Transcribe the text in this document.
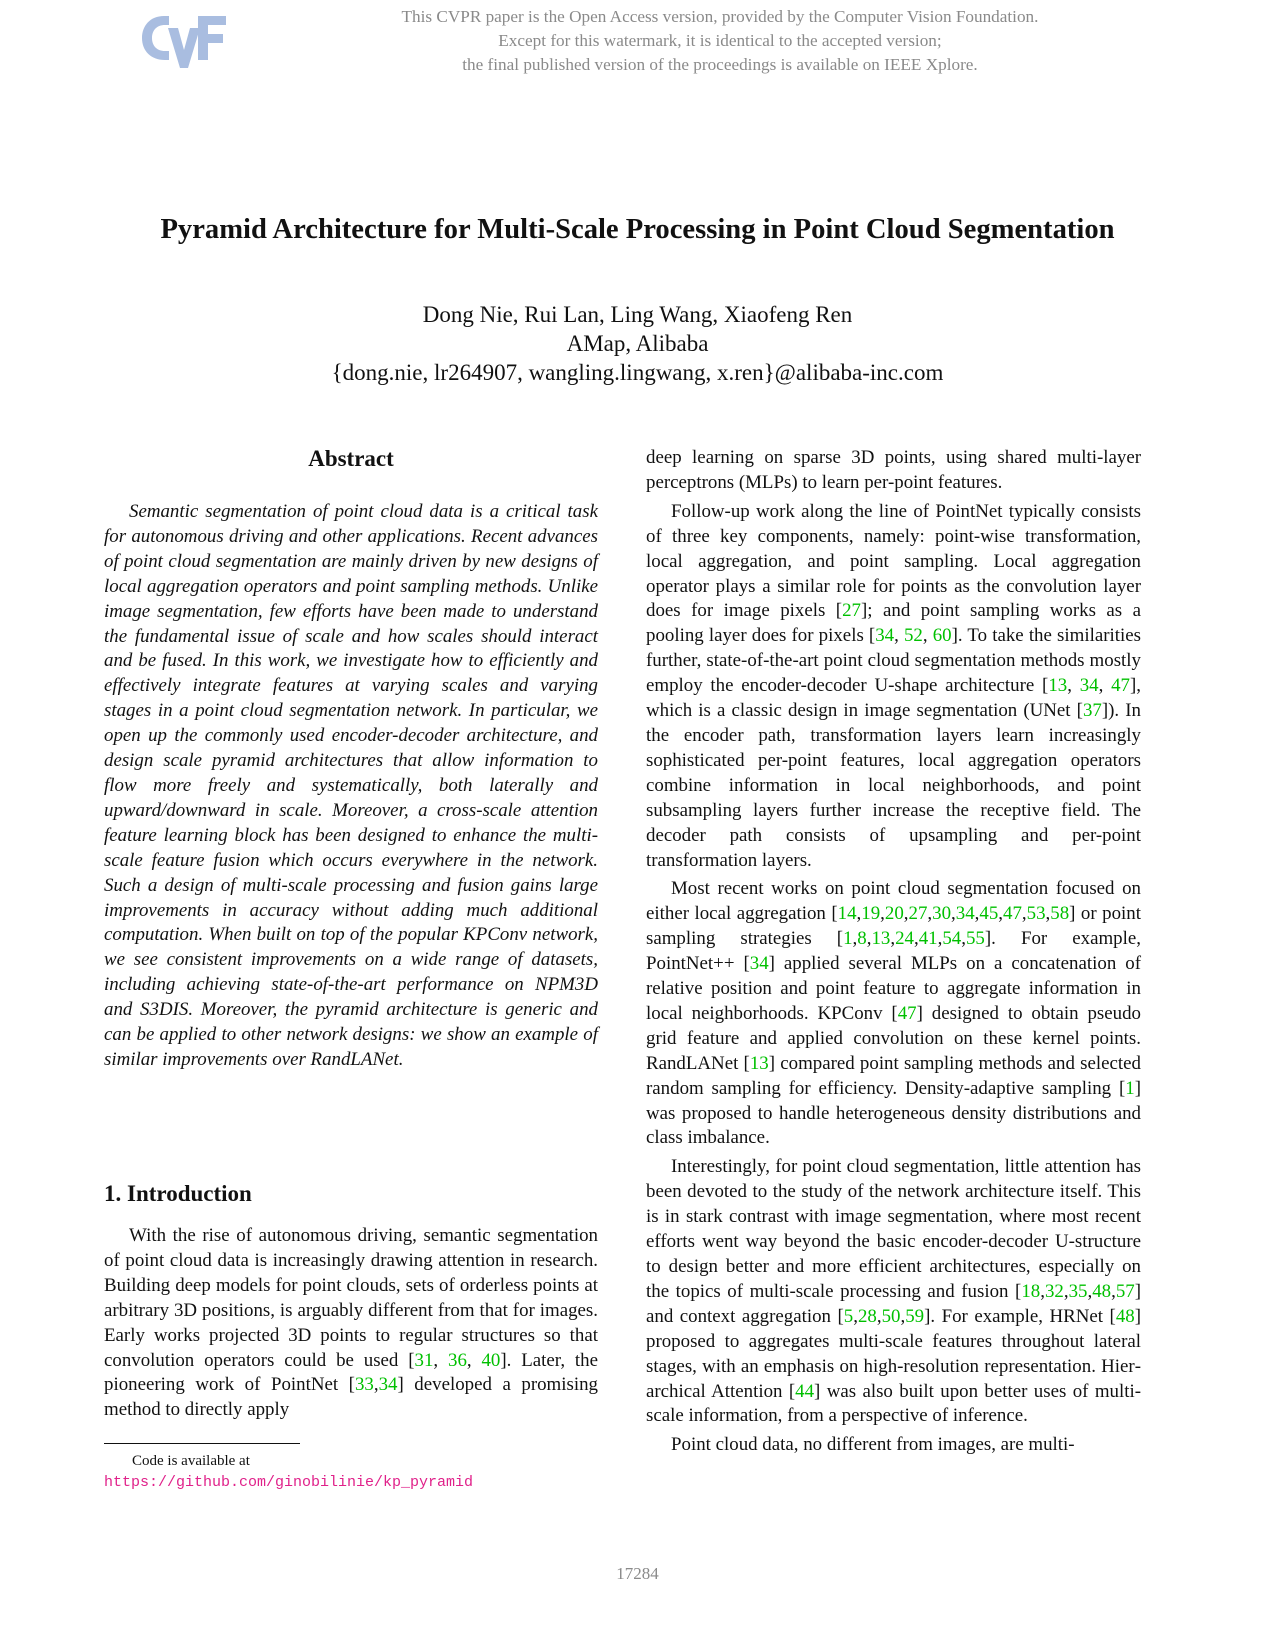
This CVPR paper is the Open Access version, provided by the Computer Vision Foundation.
Except for this watermark, it is identical to the accepted version;
the final published version of the proceedings is available on IEEE Xplore.
Pyramid Architecture for Multi-Scale Processing in Point Cloud Segmentation
Dong Nie, Rui Lan, Ling Wang, Xiaofeng Ren
AMap, Alibaba
{dong.nie, lr264907, wangling.lingwang, x.ren}@alibaba-inc.com
Abstract

Semantic segmentation of point cloud data is a critical task for autonomous driving and other applications. Recent advances of point cloud segmentation are mainly driven by new designs of local aggregation operators and point sampling methods. Unlike image segmentation, few efforts have been made to understand the fundamental issue of scale and how scales should interact and be fused. In this work, we investigate how to efficiently and effectively integrate features at varying scales and varying stages in a point cloud segmentation network. In particular, we open up the commonly used encoder-decoder architecture, and design scale pyramid architectures that allow information to flow more freely and systematically, both laterally and upward/downward in scale. Moreover, a cross-scale attention feature learning block has been designed to enhance the multi-scale feature fusion which occurs everywhere in the network. Such a design of multi-scale processing and fusion gains large improvements in accuracy without adding much additional computation. When built on top of the popular KPConv network, we see consistent improvements on a wide range of datasets, including achieving state-of-the-art performance on NPM3D and S3DIS. Moreover, the pyramid architecture is generic and can be applied to other network designs: we show an example of similar improvements over RandLANet.

1. Introduction

With the rise of autonomous driving, semantic segmentation of point cloud data is increasingly drawing attention in research. Building deep models for point clouds, sets of orderless points at arbitrary 3D positions, is arguably different from that for images. Early works projected 3D points to regular structures so that convolution operators could be used [31, 36, 40]. Later, the pioneering work of PointNet [33,34] developed a promising method to directly apply

Code is available at https://github.com/ginobilinie/kp_pyramid

deep learning on sparse 3D points, using shared multi-layer perceptrons (MLPs) to learn per-point features.

Follow-up work along the line of PointNet typically consists of three key components, namely: point-wise transformation, local aggregation, and point sampling. Local aggregation operator plays a similar role for points as the convolution layer does for image pixels [27]; and point sampling works as a pooling layer does for pixels [34, 52, 60]. To take the similarities further, state-of-the-art point cloud segmentation methods mostly employ the encoder-decoder U-shape architecture [13, 34, 47], which is a classic design in image segmentation (UNet [37]). In the encoder path, transformation layers learn increasingly sophisticated per-point features, local aggregation operators combine information in local neighborhoods, and point subsampling layers further increase the receptive field. The decoder path consists of upsampling and per-point transformation layers.

Most recent works on point cloud segmentation focused on either local aggregation [14,19,20,27,30,34,45,47,53,58] or point sampling strategies [1,8,13,24,41,54,55]. For example, PointNet++ [34] applied several MLPs on a concatenation of relative position and point feature to aggregate information in local neighborhoods. KPConv [47] designed to obtain pseudo grid feature and applied convolution on these kernel points. RandLANet [13] compared point sampling methods and selected random sampling for efficiency. Density-adaptive sampling [1] was proposed to handle heterogeneous density distributions and class imbalance.

Interestingly, for point cloud segmentation, little attention has been devoted to the study of the network architecture itself. This is in stark contrast with image segmentation, where most recent efforts went way beyond the basic encoder-decoder U-structure to design better and more efficient architectures, especially on the topics of multi-scale processing and fusion [18,32,35,48,57] and context aggregation [5,28,50,59]. For example, HRNet [48] proposed to aggregates multi-scale features throughout lateral stages, with an emphasis on high-resolution representation. Hierarchical Attention [44] was also built upon better uses of multi-scale information, from a perspective of inference.

Point cloud data, no different from images, are multi-

17284
